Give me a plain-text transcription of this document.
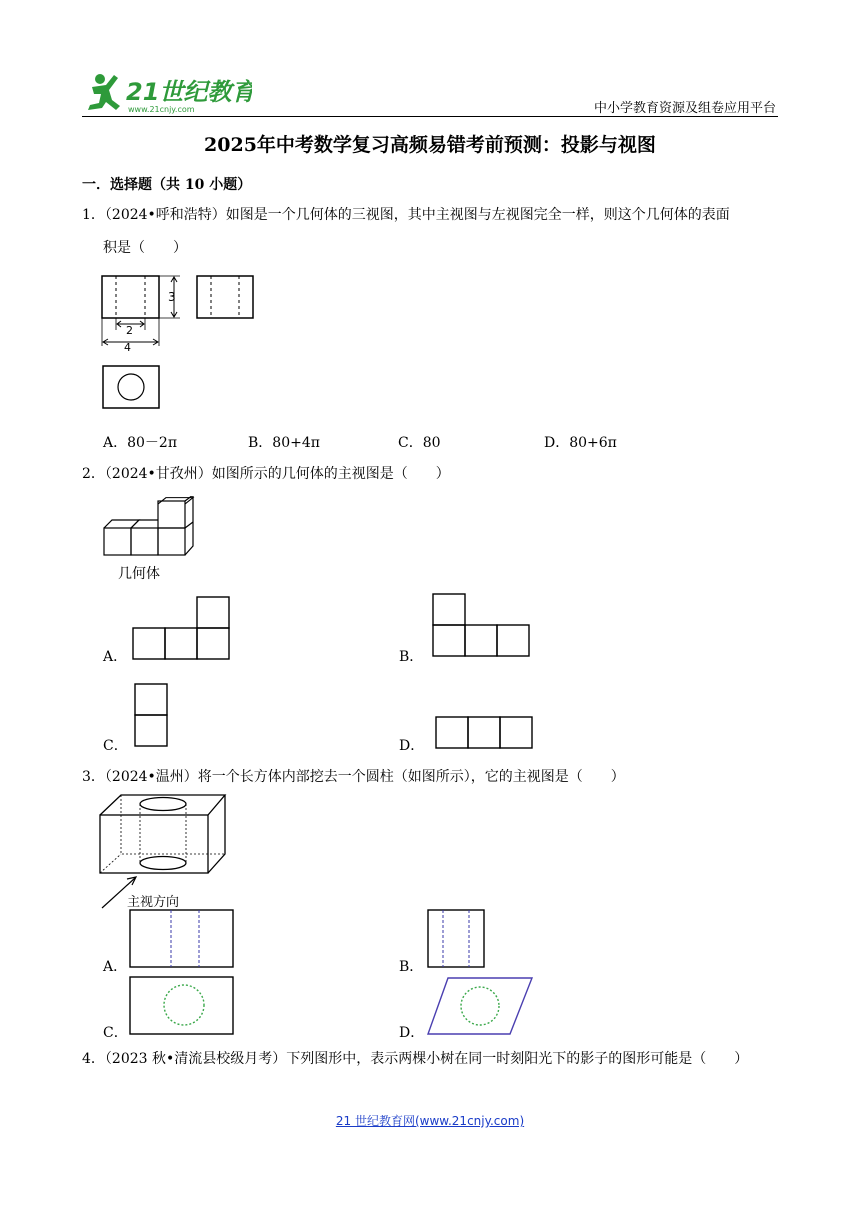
21世纪教育
www.21cnjy.com	中小学教育资源及组卷应用平台
2025年中考数学复习高频易错考前预测：投影与视图
一．选择题（共 10 小题）
1．（2024•呼和浩特）如图是一个几何体的三视图，其中主视图与左视图完全一样，则这个几何体的表面
积是（　　）
3
2
4
A．80－2π	B．80+4π	C．80	D．80+6π
2．（2024•甘孜州）如图所示的几何体的主视图是（　　）
几何体
A．	B．
C．	D．
3．（2024•温州）将一个长方体内部挖去一个圆柱（如图所示），它的主视图是（　　）
主视方向
A．	B．
C．	D．
4．（2023 秋•清流县校级月考）下列图形中，表示两棵小树在同一时刻阳光下的影子的图形可能是（　　）
21 世纪教育网(www.21cnjy.com)
